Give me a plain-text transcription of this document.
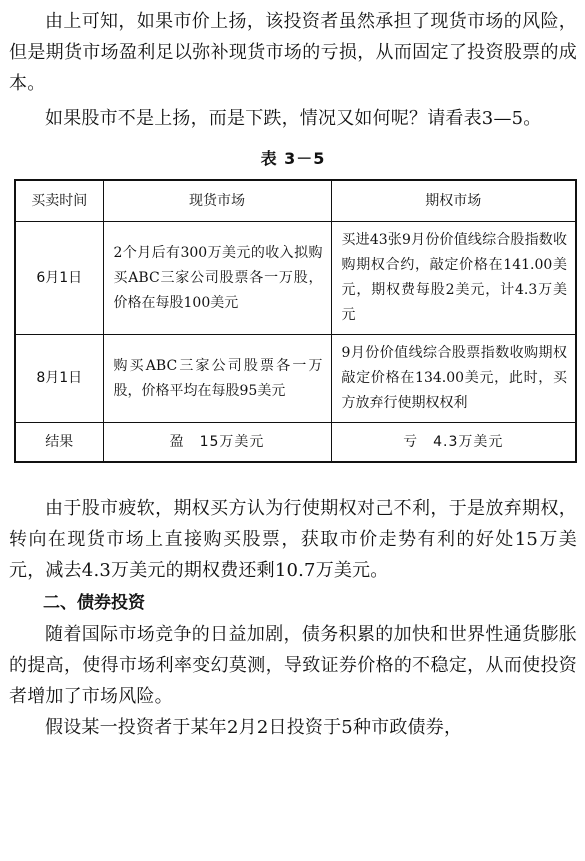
由上可知，如果市价上扬，该投资者虽然承担了现货市场的风险，但是期货市场盈利足以弥补现货市场的亏损，从而固定了投资股票的成本。

如果股市不是上扬，而是下跌，情况又如何呢？请看表3—5。

表 3－5
买卖时间	现货市场	期权市场
6月1日	2个月后有300万美元的收入拟购买ABC三家公司股票各一万股，价格在每股100美元	买进43张9月份价值线综合股指数收购期权合约，敲定价格在141.00美元，期权费每股2美元，计4.3万美元
8月1日	购买ABC三家公司股票各一万股，价格平均在每股95美元	9月份价值线综合股票指数收购期权敲定价格在134.00美元，此时，买方放弃行使期权权利
结果	盈　15万美元	亏　4.3万美元

由于股市疲软，期权买方认为行使期权对己不利，于是放弃期权，转向在现货市场上直接购买股票，获取市价走势有利的好处15万美元，减去4.3万美元的期权费还剩10.7万美元。

二、债券投资

随着国际市场竞争的日益加剧，债务积累的加快和世界性通货膨胀的提高，使得市场利率变幻莫测，导致证券价格的不稳定，从而使投资者增加了市场风险。

假设某一投资者于某年2月2日投资于5种市政债券，
